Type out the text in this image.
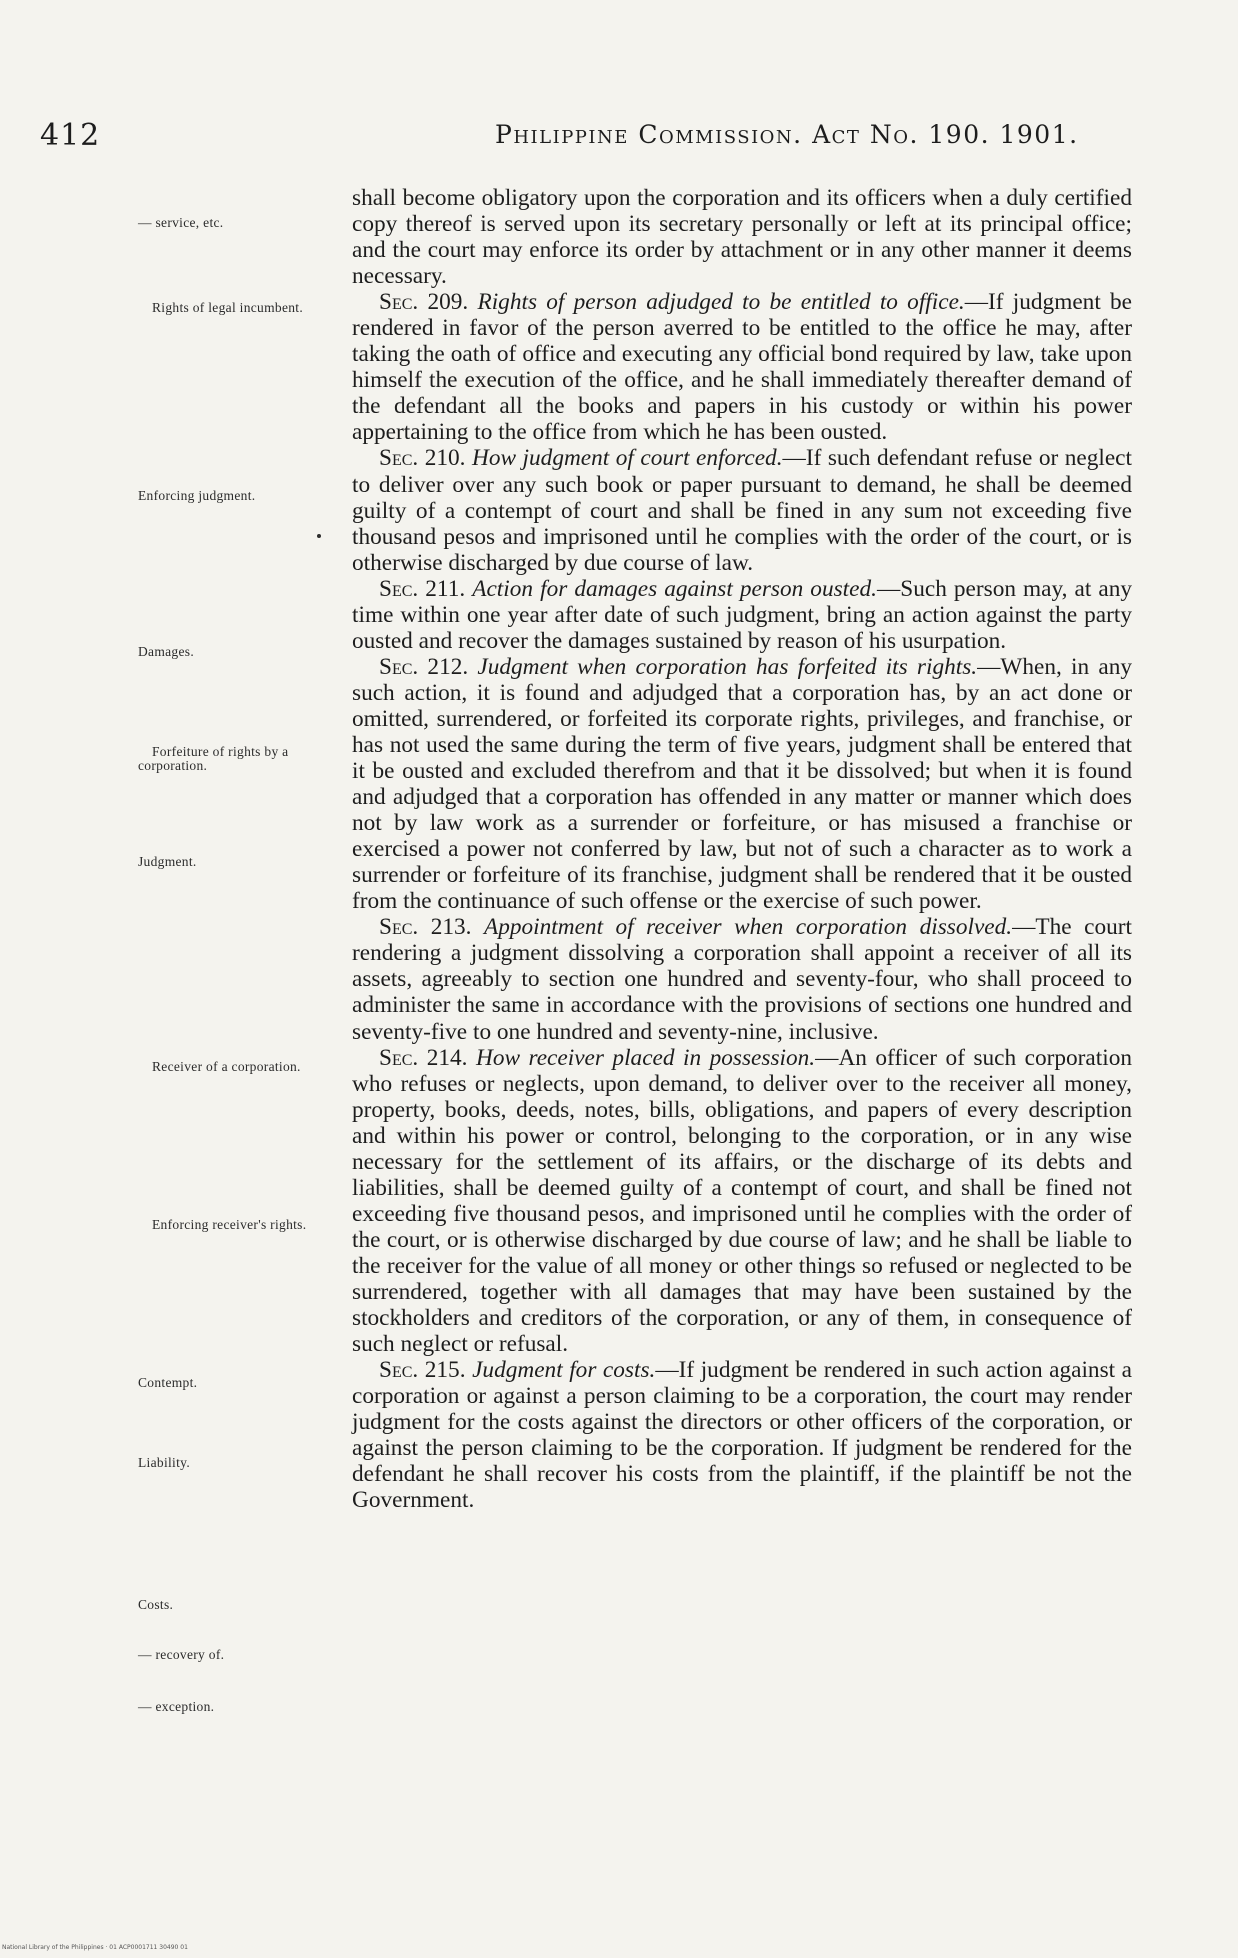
412	Philippine Commission. Act No. 190. 1901.
— service, etc.
Rights of legal incumbent.
Enforcing judgment.
Damages.
Forfeiture of rights by a corporation.
Judgment.
Receiver of a corporation.
Enforcing receiver's rights.
Contempt.
Liability.
Costs.
— recovery of.
— exception.

shall become obligatory upon the corporation and its officers when a duly certified copy thereof is served upon its secretary personally or left at its principal office; and the court may enforce its order by attachment or in any other manner it deems necessary.

Sec. 209. Rights of person adjudged to be entitled to office.—If judgment be rendered in favor of the person averred to be entitled to the office he may, after taking the oath of office and executing any official bond required by law, take upon himself the execution of the office, and he shall immediately thereafter demand of the defendant all the books and papers in his custody or within his power appertaining to the office from which he has been ousted.

Sec. 210. How judgment of court enforced.—If such defendant refuse or neglect to deliver over any such book or paper pursuant to demand, he shall be deemed guilty of a contempt of court and shall be fined in any sum not exceeding five thousand pesos and imprisoned until he complies with the order of the court, or is otherwise discharged by due course of law.

Sec. 211. Action for damages against person ousted.—Such person may, at any time within one year after date of such judgment, bring an action against the party ousted and recover the damages sustained by reason of his usurpation.

Sec. 212. Judgment when corporation has forfeited its rights.—When, in any such action, it is found and adjudged that a corporation has, by an act done or omitted, surrendered, or forfeited its corporate rights, privileges, and franchise, or has not used the same during the term of five years, judgment shall be entered that it be ousted and excluded therefrom and that it be dissolved; but when it is found and adjudged that a corporation has offended in any matter or manner which does not by law work as a surrender or forfeiture, or has misused a franchise or exercised a power not conferred by law, but not of such a character as to work a surrender or forfeiture of its franchise, judgment shall be rendered that it be ousted from the continuance of such offense or the exercise of such power.

Sec. 213. Appointment of receiver when corporation dissolved.—The court rendering a judgment dissolving a corporation shall appoint a receiver of all its assets, agreeably to section one hundred and seventy-four, who shall proceed to administer the same in accordance with the provisions of sections one hundred and seventy-five to one hundred and seventy-nine, inclusive.

Sec. 214. How receiver placed in possession.—An officer of such corporation who refuses or neglects, upon demand, to deliver over to the receiver all money, property, books, deeds, notes, bills, obligations, and papers of every description and within his power or control, belonging to the corporation, or in any wise necessary for the settlement of its affairs, or the discharge of its debts and liabilities, shall be deemed guilty of a contempt of court, and shall be fined not exceeding five thousand pesos, and imprisoned until he complies with the order of the court, or is otherwise discharged by due course of law; and he shall be liable to the receiver for the value of all money or other things so refused or neglected to be surrendered, together with all damages that may have been sustained by the stockholders and creditors of the corporation, or any of them, in consequence of such neglect or refusal.

Sec. 215. Judgment for costs.—If judgment be rendered in such action against a corporation or against a person claiming to be a corporation, the court may render judgment for the costs against the directors or other officers of the corporation, or against the person claiming to be the corporation. If judgment be rendered for the defendant he shall recover his costs from the plaintiff, if the plaintiff be not the Government.

National Library of the Philippines · 01 ACP0001711 30490 01
